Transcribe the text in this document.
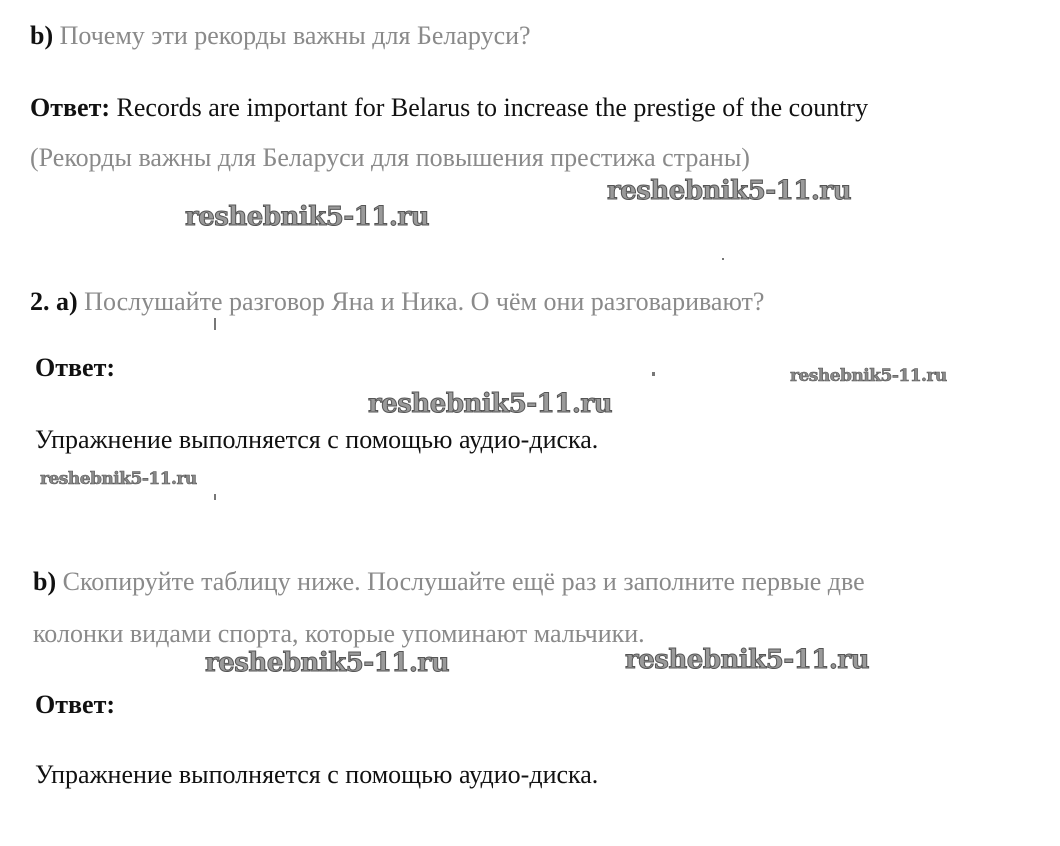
b) Почему эти рекорды важны для Беларуси?
Ответ: Records are important for Belarus to increase the prestige of the country
(Рекорды важны для Беларуси для повышения престижа страны)
reshebnik5-11.ru
reshebnik5-11.ru
2. a) Послушайте разговор Яна и Ника. О чём они разговаривают?
Ответ:	reshebnik5-11.ru
reshebnik5-11.ru
Упражнение выполняется с помощью аудио-диска.
reshebnik5-11.ru
b) Скопируйте таблицу ниже. Послушайте ещё раз и заполните первые две
колонки видами спорта, которые упоминают мальчики.
reshebnik5-11.ru	reshebnik5-11.ru
Ответ:
Упражнение выполняется с помощью аудио-диска.
